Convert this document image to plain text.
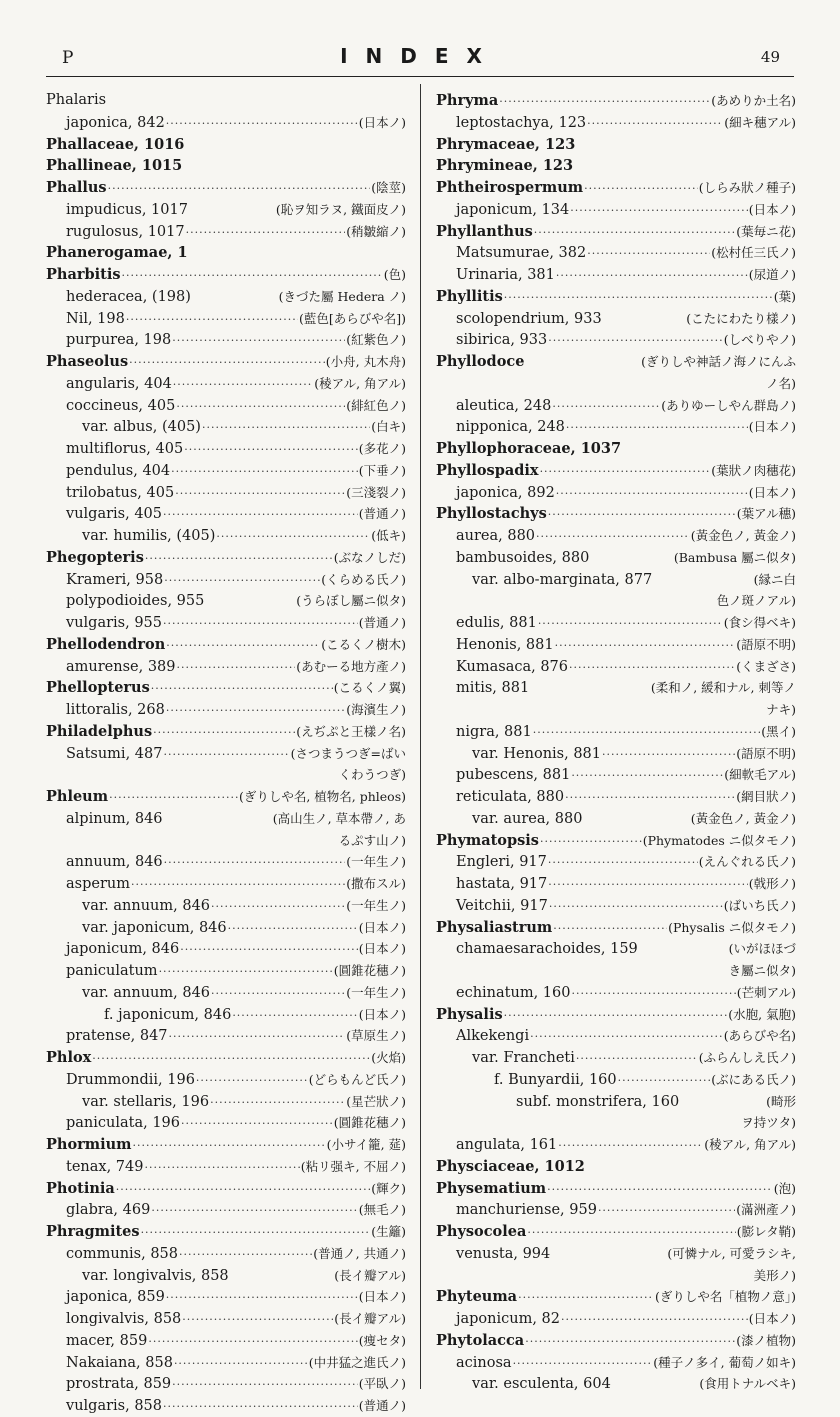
P	INDEX	49
Phalaris
japonica, 842 ·····	(日本ノ)
Phallaceae, 1016
Phallineae, 1015
Phallus ·····	(陰莖)
impudicus, 1017	(恥ヲ知ラヌ, 鐵面皮ノ)
rugulosus, 1017 ·····	(稍皺縮ノ)
Phanerogamae, 1
Pharbitis ·····	(色)
hederacea, (198)	(きづた屬 Hedera ノ)
Nil, 198 ·····	(藍色[あらびや名])
purpurea, 198 ·····	(紅紫色ノ)
Phaseolus ·····	(小舟, 丸木舟)
angularis, 404 ·····	(稜アル, 角アル)
coccineus, 405 ·····	(緋紅色ノ)
var. albus, (405) ·····	(白キ)
multiflorus, 405 ·····	(多花ノ)
pendulus, 404 ·····	(下垂ノ)
trilobatus, 405 ·····	(三淺裂ノ)
vulgaris, 405 ·····	(普通ノ)
var. humilis, (405) ·····	(低キ)
Phegopteris ·····	(ぶなノしだ)
Krameri, 958 ·····	(くらめる氏ノ)
polypodioides, 955	(うらぼし屬ニ似タ)
vulgaris, 955 ·····	(普通ノ)
Phellodendron ·····	(こるくノ樹木)
amurense, 389 ·····	(あむーる地方產ノ)
Phellopterus ·····	(こるくノ翼)
littoralis, 268 ·····	(海濱生ノ)
Philadelphus ·····	(えぢぷと王樣ノ名)
Satsumi, 487 ·····	(さつまうつぎ=ばい
くわうつぎ)
Phleum ·····	(ぎりしや名, 植物名, phleos)
alpinum, 846	(高山生ノ, 草本帶ノ, あ
るぷす山ノ)
annuum, 846 ·····	(一年生ノ)
asperum ·····	(撒布スル)
var. annuum, 846 ·····	(一年生ノ)
var. japonicum, 846 ·····	(日本ノ)
japonicum, 846 ·····	(日本ノ)
paniculatum ·····	(圓錐花穗ノ)
var. annuum, 846 ·····	(一年生ノ)
f. japonicum, 846 ·····	(日本ノ)
pratense, 847 ·····	(草原生ノ)
Phlox ·····	(火焰)
Drummondii, 196 ·····	(どらもんど氏ノ)
var. stellaris, 196 ·····	(星芒狀ノ)
paniculata, 196 ·····	(圓錐花穗ノ)
Phormium ·····	(小サイ籠, 莚)
tenax, 749 ·····	(粘リ强キ, 不屈ノ)
Photinia ·····	(輝ク)
glabra, 469 ·····	(無毛ノ)
Phragmites ·····	(生籬)
communis, 858 ·····	(普通ノ, 共通ノ)
var. longivalvis, 858	(長イ瓣アル)
japonica, 859 ·····	(日本ノ)
longivalvis, 858 ·····	(長イ瓣アル)
macer, 859 ·····	(痩セタ)
Nakaiana, 858 ·····	(中井猛之進氏ノ)
prostrata, 859 ·····	(平臥ノ)
vulgaris, 858 ·····	(普通ノ)
Phryma ·····	(あめりか土名)
leptostachya, 123 ·····	(細キ穗アル)
Phrymaceae, 123
Phrymineae, 123
Phtheirospermum ·····	(しらみ狀ノ種子)
japonicum, 134 ·····	(日本ノ)
Phyllanthus ·····	(葉毎ニ花)
Matsumurae, 382 ·····	(松村任三氏ノ)
Urinaria, 381 ·····	(尿道ノ)
Phyllitis ·····	(葉)
scolopendrium, 933	(こたにわたり樣ノ)
sibirica, 933 ·····	(しべりやノ)
Phyllodoce	(ぎりしや神話ノ海ノにんふ
ノ名)
aleutica, 248 ·····	(ありゆーしやん群島ノ)
nipponica, 248 ·····	(日本ノ)
Phyllophoraceae, 1037
Phyllospadix ·····	(葉狀ノ肉穗花)
japonica, 892 ·····	(日本ノ)
Phyllostachys ·····	(葉アル穗)
aurea, 880 ·····	(黃金色ノ, 黃金ノ)
bambusoides, 880	(Bambusa 屬ニ似タ)
var. albo-marginata, 877	(縁ニ白
色ノ斑ノアル)
edulis, 881 ·····	(食シ得ベキ)
Henonis, 881 ·····	(語原不明)
Kumasaca, 876 ·····	(くまざさ)
mitis, 881	(柔和ノ, 緩和ナル, 刺等ノ
ナキ)
nigra, 881 ·····	(黑イ)
var. Henonis, 881 ·····	(語原不明)
pubescens, 881 ·····	(細軟毛アル)
reticulata, 880 ·····	(網目狀ノ)
var. aurea, 880	(黃金色ノ, 黃金ノ)
Phymatopsis ·····	(Phymatodes ニ似タモノ)
Engleri, 917 ·····	(えんぐれる氏ノ)
hastata, 917 ·····	(戟形ノ)
Veitchii, 917 ·····	(ばいち氏ノ)
Physaliastrum ·····	(Physalis ニ似タモノ)
chamaesarachoides, 159	(いがほほづ
き屬ニ似タ)
echinatum, 160 ·····	(芒刺アル)
Physalis ·····	(水胞, 氣胞)
Alkekengi ·····	(あらびや名)
var. Francheti ·····	(ふらんしえ氏ノ)
f. Bunyardii, 160 ·····	(ぶにある氏ノ)
subf. monstrifera, 160	(畸形
ヲ持ツタ)
angulata, 161 ·····	(稜アル, 角アル)
Physciaceae, 1012
Physematium ·····	(泡)
manchuriense, 959 ·····	(滿洲產ノ)
Physocolea ·····	(膨レタ鞘)
venusta, 994	(可憐ナル, 可愛ラシキ,
美形ノ)
Phyteuma ·····	(ぎりしや名「植物ノ意」)
japonicum, 82 ·····	(日本ノ)
Phytolacca ·····	(漆ノ植物)
acinosa ·····	(種子ノ多イ, 葡萄ノ如キ)
var. esculenta, 604	(食用トナルベキ)
